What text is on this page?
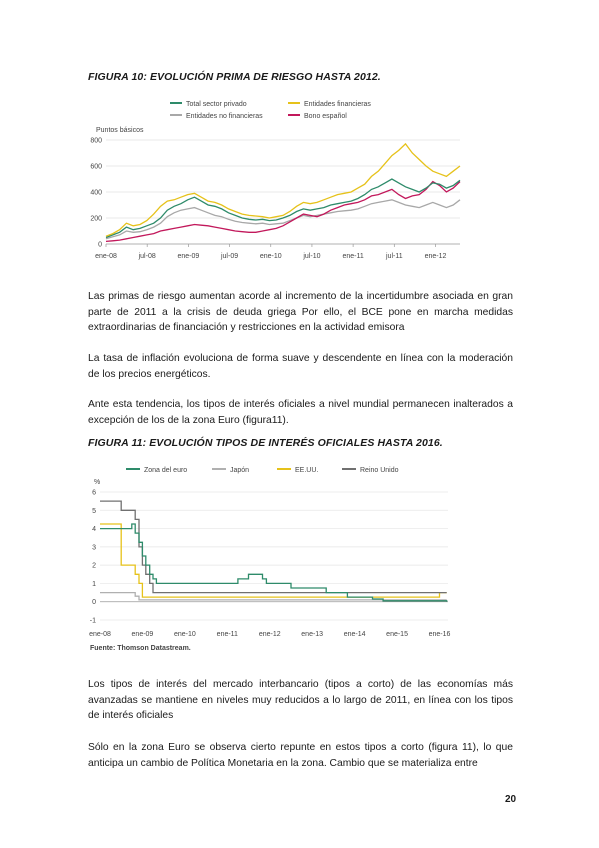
FIGURA 10: EVOLUCIÓN PRIMA DE RIESGO HASTA 2012.
Total sector privado	Entidades financieras
Entidades no financieras	Bono español
Puntos básicos
0
200
400
600
800
ene-08	jul-08	ene-09	jul-09	ene-10	jul-10	ene-11	jul-11	ene-12

Las primas de riesgo aumentan acorde al incremento de la incertidumbre asociada en gran parte de 2011 a la crisis de deuda griega Por ello, el BCE pone en marcha medidas extraordinarias de financiación y restricciones en la actividad emisora

La tasa de inflación evoluciona de forma suave y descendente en línea con la moderación de los precios energéticos.

Ante esta tendencia, los tipos de interés oficiales a nivel mundial permanecen inalterados a excepción de los de la zona Euro (figura11).

FIGURA 11: EVOLUCIÓN TIPOS DE INTERÉS OFICIALES HASTA 2016.
Zona del euro	Japón	EE.UU.	Reino Unido
%
-1
0
1
2
3
4
5
6
ene-08	ene-09	ene-10	ene-11	ene-12	ene-13	ene-14	ene-15	ene-16
Fuente: Thomson Datastream.

Los tipos de interés del mercado interbancario (tipos a corto) de las economías más avanzadas se mantiene en niveles muy reducidos a lo largo de 2011, en línea con los tipos de interés oficiales

Sólo en la zona Euro se observa cierto repunte en estos tipos a corto (figura 11), lo que anticipa un cambio de Política Monetaria en la zona. Cambio que se materializa entre

20
